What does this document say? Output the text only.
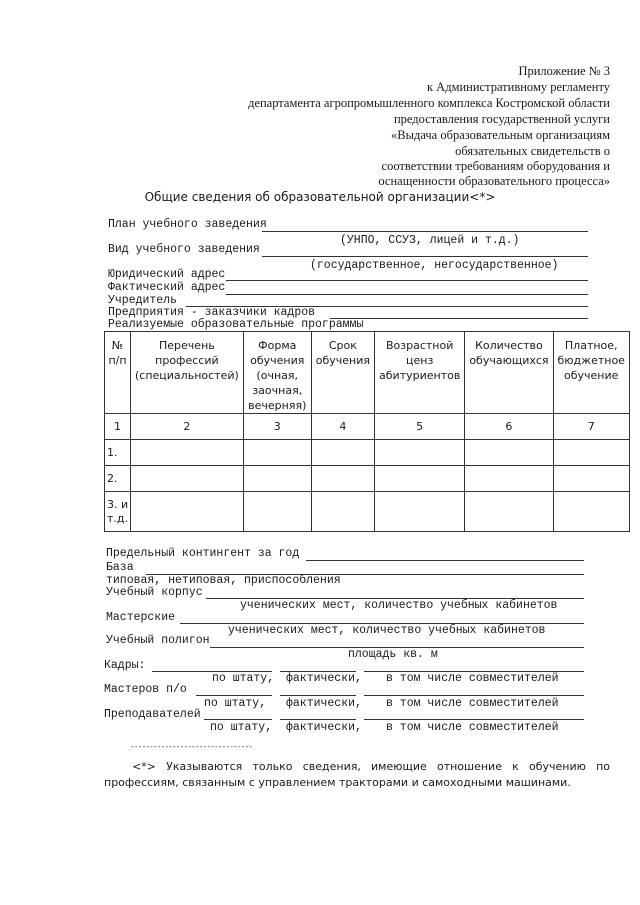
Приложение № 3
к Административному регламенту
департамента агропромышленного комплекса Костромской области
предоставления государственной услуги
«Выдача образовательным организациям
обязательных свидетельств о
соответствии требованиям оборудования и
оснащенности образовательного процесса»
Общие сведения об образовательной организации<*>
План учебного заведения
(УНПО, ССУЗ, лицей и т.д.)
Вид учебного заведения
(государственное, негосударственное)
Юридический адрес
Фактический адрес
Учредитель
Предприятия - заказчики кадров
Реализуемые образовательные программы
№ п/п	Перечень профессий (специальностей)	Форма обучения (очная, заочная, вечерняя)	Срок обучения	Возрастной ценз абитуриентов	Количество обучающихся	Платное, бюджетное обучение

1	2	3	4	5	6	7
1.						
2.						
3. и т.д.						
Предельный контингент за год
База
типовая, нетиповая, приспособления
Учебный корпус
ученических мест, количество учебных кабинетов
Мастерские
ученических мест, количество учебных кабинетов
Учебный полигон
площадь кв. м
Кадры:
по штату, фактически, в том числе совместителей
Мастеров п/о
по штату, фактически, в том числе совместителей
Преподавателей
по штату, фактически, в том числе совместителей
--------------------------------
<*> Указываются только сведения, имеющие отношение к обучению по профессиям, связанным с управлением тракторами и самоходными машинами.
